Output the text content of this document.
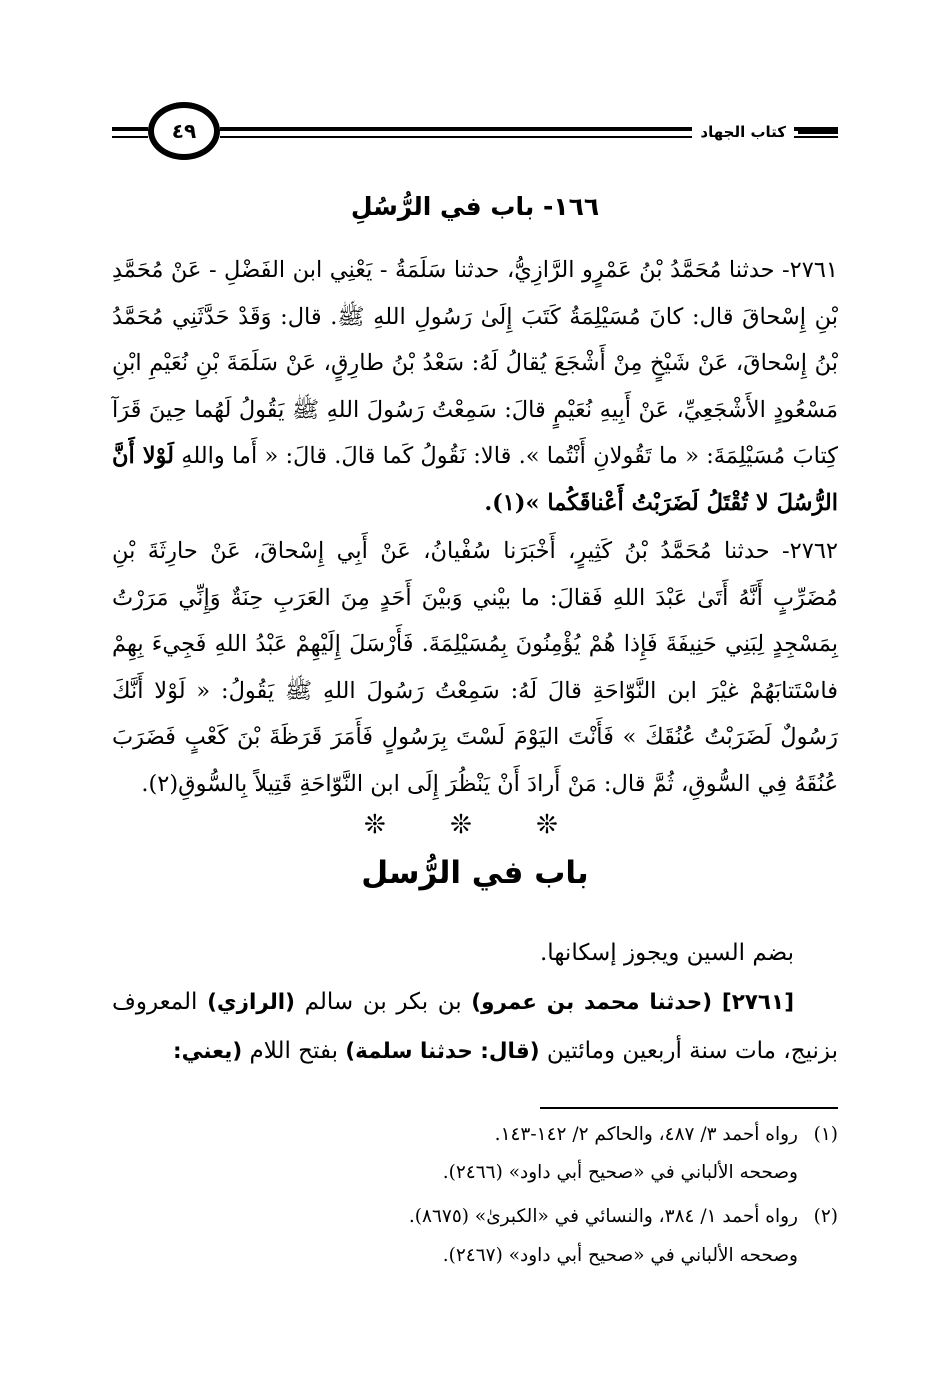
كتاب الجهاد
٤٩
١٦٦- باب في الرُّسُلِ
٢٧٦١- حدثنا مُحَمَّدُ بْنُ عَمْرٍو الرَّازِيُّ، حدثنا سَلَمَةُ - يَعْنِي ابن الفَضْلِ - عَنْ مُحَمَّدِ بْنِ إِسْحاقَ قال: كانَ مُسَيْلِمَةُ كَتَبَ إِلَىٰ رَسُولِ اللهِ ﷺ. قال: وَقَدْ حَدَّثَنِي مُحَمَّدُ بْنُ إِسْحاقَ، عَنْ شَيْخٍ مِنْ أَشْجَعَ يُقالُ لَهُ: سَعْدُ بْنُ طارِقٍ، عَنْ سَلَمَةَ بْنِ نُعَيْمِ ابْنِ مَسْعُودٍ الأَشْجَعِيِّ، عَنْ أَبِيهِ نُعَيْمٍ قالَ: سَمِعْتُ رَسُولَ اللهِ ﷺ يَقُولُ لَهُما حِينَ قَرَآ كِتابَ مُسَيْلِمَةَ: « ما تَقُولانِ أَنْتُما ». قالا: نَقُولُ كَما قالَ. قالَ: « أَما واللهِ لَوْلا أَنَّ الرُّسُلَ لا تُقْتَلُ لَضَرَبْتُ أَعْناقَكُما »(١).
٢٧٦٢- حدثنا مُحَمَّدُ بْنُ كَثِيرٍ، أَخْبَرَنا سُفْيانُ، عَنْ أَبِي إِسْحاقَ، عَنْ حارِثَةَ بْنِ مُضَرِّبٍ أَنَّهُ أَتَىٰ عَبْدَ اللهِ فَقالَ: ما بيْني وَبيْنَ أَحَدٍ مِنَ العَرَبِ حِنَةٌ وَإِنِّي مَرَرْتُ بِمَسْجِدٍ لِبَنِي حَنِيفَةَ فَإِذا هُمْ يُؤْمِنُونَ بِمُسَيْلِمَةَ. فَأَرْسَلَ إِلَيْهِمْ عَبْدُ اللهِ فَجِيءَ بِهِمْ فاسْتَتابَهُمْ غيْرَ ابن النَّوّاحَةِ قالَ لَهُ: سَمِعْتُ رَسُولَ اللهِ ﷺ يَقُولُ: « لَوْلا أَنَّكَ رَسُولٌ لَضَرَبْتُ عُنُقَكَ » فَأَنْتَ اليَوْمَ لَسْتَ بِرَسُولٍ فَأَمَرَ قَرَظَةَ بْنَ كَعْبٍ فَضَرَبَ عُنُقَهُ فِي السُّوقِ، ثُمَّ قال: مَنْ أَرادَ أَنْ يَنْظُرَ إِلَى ابن النَّوّاحَةِ قَتِيلاً بِالسُّوقِ(٢).
❊ ❊ ❊
باب في الرُّسل
بضم السين ويجوز إسكانها.
[٢٧٦١] (حدثنا محمد بن عمرو) بن بكر بن سالم (الرازي) المعروف بزنيج، مات سنة أربعين ومائتين (قال: حدثنا سلمة) بفتح اللام (يعني:
(١)رواه أحمد ٣/ ٤٨٧، والحاكم ٢/ ١٤٢-١٤٣.
وصححه الألباني في «صحيح أبي داود» (٢٤٦٦).
(٢)رواه أحمد ١/ ٣٨٤، والنسائي في «الكبرىٰ» (٨٦٧٥).
وصححه الألباني في «صحيح أبي داود» (٢٤٦٧).
